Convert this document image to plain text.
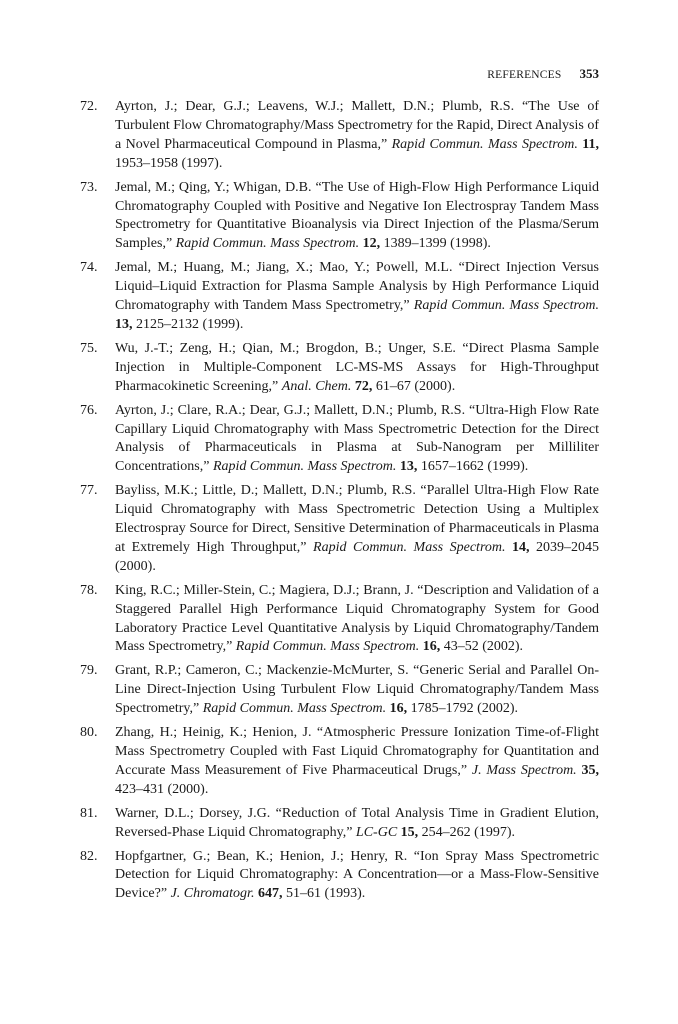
REFERENCES 353
72. Ayrton, J.; Dear, G.J.; Leavens, W.J.; Mallett, D.N.; Plumb, R.S. “The Use of Turbulent Flow Chromatography/Mass Spectrometry for the Rapid, Direct Analysis of a Novel Pharmaceutical Compound in Plasma,” Rapid Commun. Mass Spectrom. 11, 1953–1958 (1997).
73. Jemal, M.; Qing, Y.; Whigan, D.B. “The Use of High-Flow High Performance Liquid Chromatography Coupled with Positive and Negative Ion Electrospray Tandem Mass Spectrometry for Quantitative Bioanalysis via Direct Injection of the Plasma/Serum Samples,” Rapid Commun. Mass Spectrom. 12, 1389–1399 (1998).
74. Jemal, M.; Huang, M.; Jiang, X.; Mao, Y.; Powell, M.L. “Direct Injection Versus Liquid–Liquid Extraction for Plasma Sample Analysis by High Performance Liquid Chromatography with Tandem Mass Spectrometry,” Rapid Commun. Mass Spectrom. 13, 2125–2132 (1999).
75. Wu, J.-T.; Zeng, H.; Qian, M.; Brogdon, B.; Unger, S.E. “Direct Plasma Sample Injection in Multiple-Component LC-MS-MS Assays for High-Throughput Pharmacokinetic Screening,” Anal. Chem. 72, 61–67 (2000).
76. Ayrton, J.; Clare, R.A.; Dear, G.J.; Mallett, D.N.; Plumb, R.S. “Ultra-High Flow Rate Capillary Liquid Chromatography with Mass Spectrometric Detection for the Direct Analysis of Pharmaceuticals in Plasma at Sub-Nanogram per Milliliter Concentrations,” Rapid Commun. Mass Spectrom. 13, 1657–1662 (1999).
77. Bayliss, M.K.; Little, D.; Mallett, D.N.; Plumb, R.S. “Parallel Ultra-High Flow Rate Liquid Chromatography with Mass Spectrometric Detection Using a Multiplex Electrospray Source for Direct, Sensitive Determination of Pharmaceuticals in Plasma at Extremely High Throughput,” Rapid Commun. Mass Spectrom. 14, 2039–2045 (2000).
78. King, R.C.; Miller-Stein, C.; Magiera, D.J.; Brann, J. “Description and Validation of a Staggered Parallel High Performance Liquid Chromatography System for Good Laboratory Practice Level Quantitative Analysis by Liquid Chromatography/Tandem Mass Spectrometry,” Rapid Commun. Mass Spectrom. 16, 43–52 (2002).
79. Grant, R.P.; Cameron, C.; Mackenzie-McMurter, S. “Generic Serial and Parallel On-Line Direct-Injection Using Turbulent Flow Liquid Chromatography/Tandem Mass Spectrometry,” Rapid Commun. Mass Spectrom. 16, 1785–1792 (2002).
80. Zhang, H.; Heinig, K.; Henion, J. “Atmospheric Pressure Ionization Time-of-Flight Mass Spectrometry Coupled with Fast Liquid Chromatography for Quantitation and Accurate Mass Measurement of Five Pharmaceutical Drugs,” J. Mass Spectrom. 35, 423–431 (2000).
81. Warner, D.L.; Dorsey, J.G. “Reduction of Total Analysis Time in Gradient Elution, Reversed-Phase Liquid Chromatography,” LC-GC 15, 254–262 (1997).
82. Hopfgartner, G.; Bean, K.; Henion, J.; Henry, R. “Ion Spray Mass Spectrometric Detection for Liquid Chromatography: A Concentration—or a Mass-Flow-Sensitive Device?” J. Chromatogr. 647, 51–61 (1993).
